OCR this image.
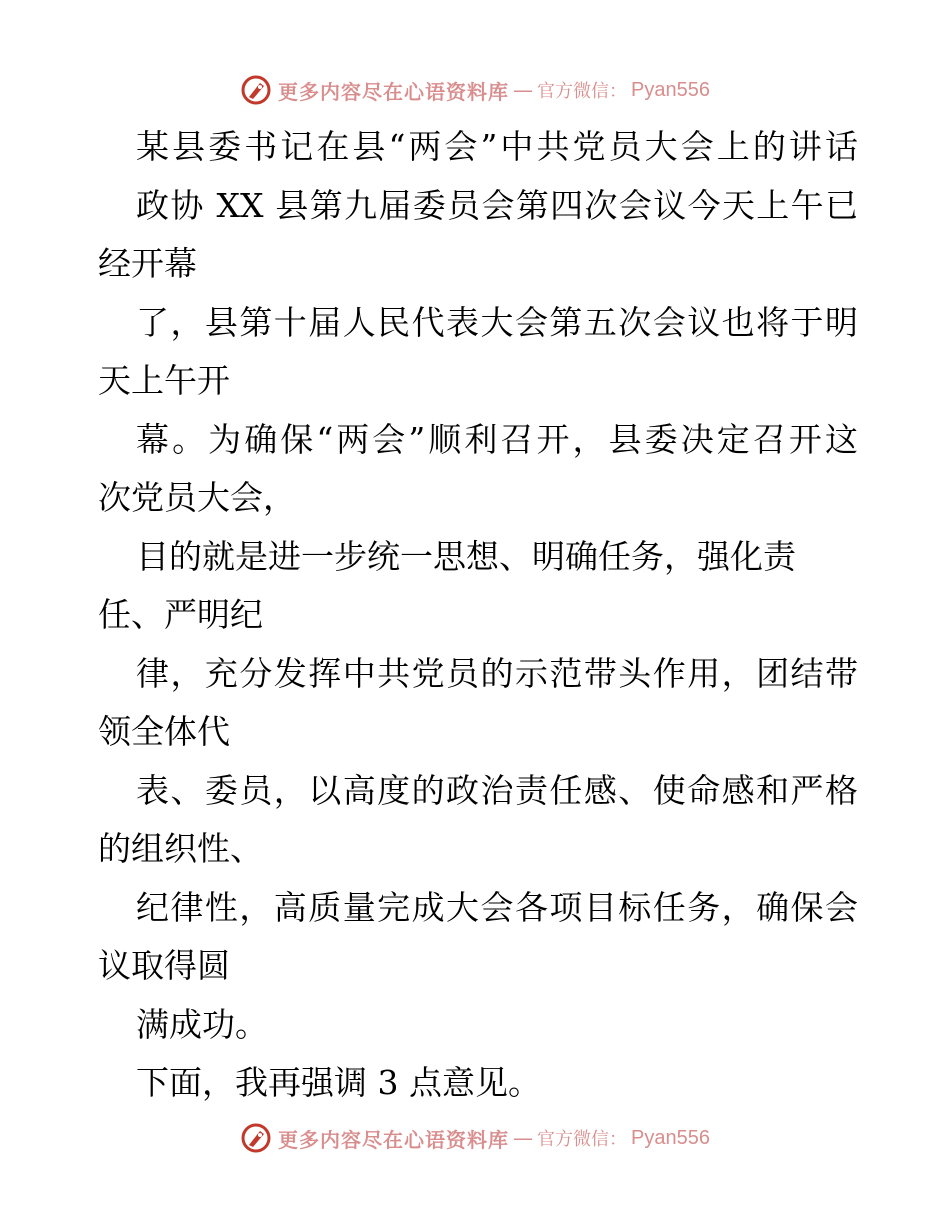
更多内容尽在心语资料库 — 官方微信： Pyan556
某县委书记在县“两会”中共党员大会上的讲话
政协 XX 县第九届委员会第四次会议今天上午已
经开幕
了，县第十届人民代表大会第五次会议也将于明
天上午开
幕。为确保“两会”顺利召开，县委决定召开这
次党员大会，
目的就是进一步统一思想、明确任务，强化责
任、严明纪
律，充分发挥中共党员的示范带头作用，团结带
领全体代
表、委员，以高度的政治责任感、使命感和严格
的组织性、
纪律性，高质量完成大会各项目标任务，确保会
议取得圆
满成功。
下面，我再强调 3 点意见。
更多内容尽在心语资料库 — 官方微信： Pyan556
